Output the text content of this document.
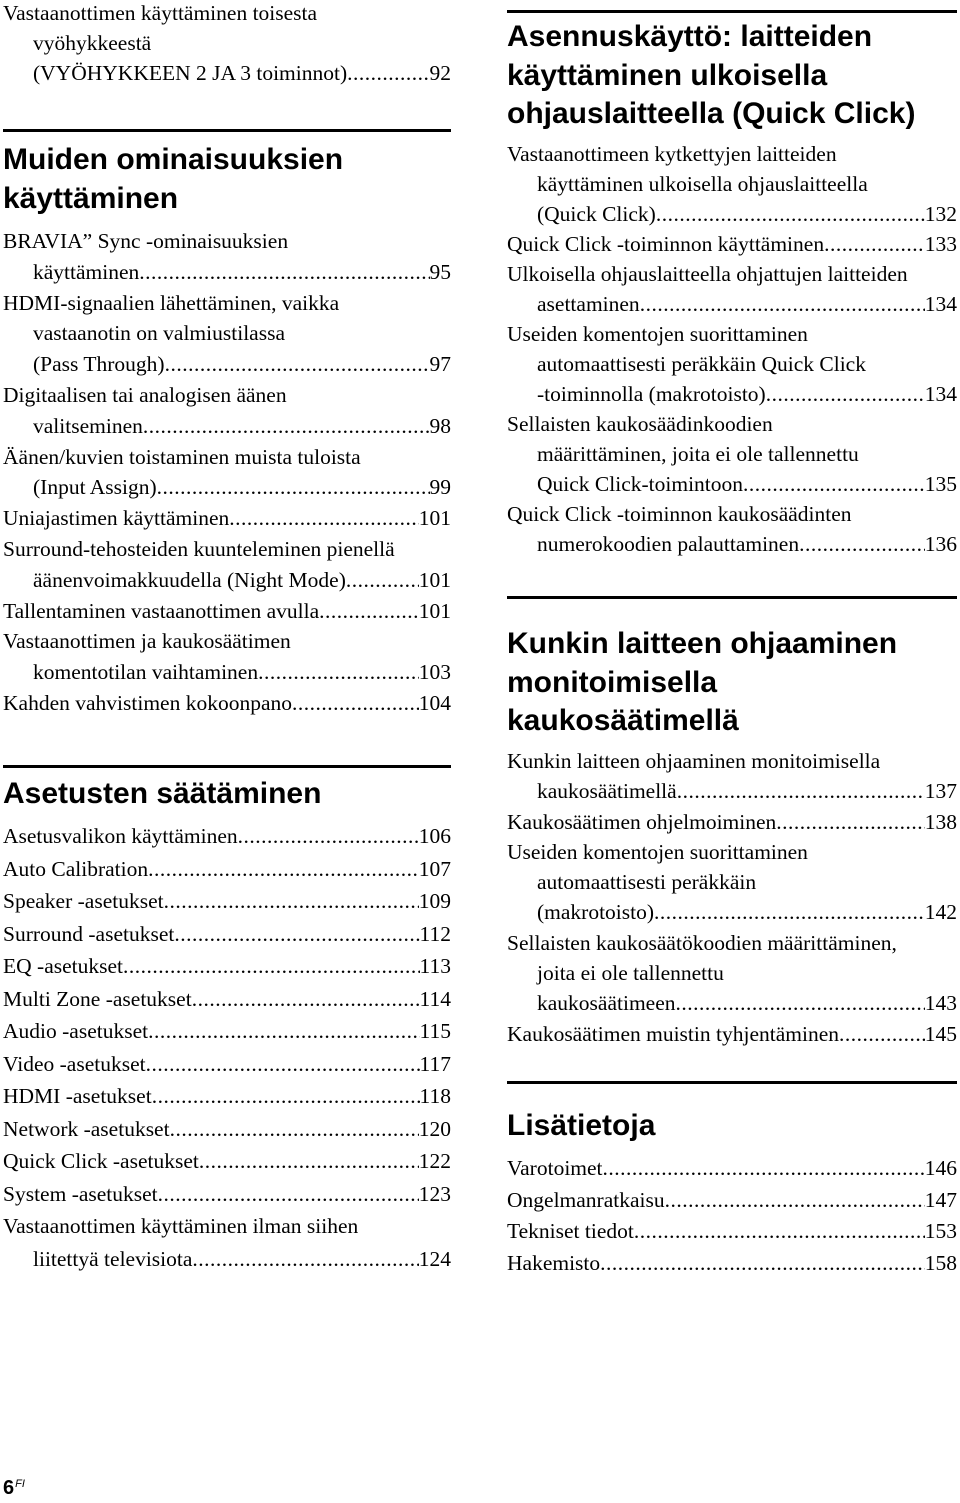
Vastaanottimen käyttäminen toisesta
vyöhykkeestä
(VYÖHYKKEEN 2 JA 3 toiminnot) .....	92
Muiden ominaisuuksien
käyttäminen
BRAVIA” Sync -ominaisuuksien
käyttäminen .....	95
HDMI-signaalien lähettäminen, vaikka
vastaanotin on valmiustilassa
(Pass Through) .....	97
Digitaalisen tai analogisen äänen
valitseminen .....	98
Äänen/kuvien toistaminen muista tuloista
(Input Assign) .....	99
Uniajastimen käyttäminen .....	101
Surround-tehosteiden kuunteleminen pienellä
äänenvoimakkuudella (Night Mode) .....	101
Tallentaminen vastaanottimen avulla .....	101
Vastaanottimen ja kaukosäätimen
komentotilan vaihtaminen .....	103
Kahden vahvistimen kokoonpano .....	104
Asetusten säätäminen
Asetusvalikon käyttäminen .....	106
Auto Calibration .....	107
Speaker -asetukset .....	109
Surround -asetukset .....	112
EQ -asetukset .....	113
Multi Zone -asetukset .....	114
Audio -asetukset .....	115
Video -asetukset .....	117
HDMI -asetukset .....	118
Network -asetukset .....	120
Quick Click -asetukset .....	122
System -asetukset .....	123
Vastaanottimen käyttäminen ilman siihen
liitettyä televisiota .....	124
Asennuskäyttö: laitteiden
käyttäminen ulkoisella
ohjauslaitteella (Quick Click)
Vastaanottimeen kytkettyjen laitteiden
käyttäminen ulkoisella ohjauslaitteella
(Quick Click) .....	132
Quick Click -toiminnon käyttäminen .....	133
Ulkoisella ohjauslaitteella ohjattujen laitteiden
asettaminen .....	134
Useiden komentojen suorittaminen
automaattisesti peräkkäin Quick Click
-toiminnolla (makrotoisto) .....	134
Sellaisten kaukosäädinkoodien
määrittäminen, joita ei ole tallennettu
Quick Click-toimintoon .....	135
Quick Click -toiminnon kaukosäädinten
numerokoodien palauttaminen .....	136
Kunkin laitteen ohjaaminen
monitoimisella
kaukosäätimellä
Kunkin laitteen ohjaaminen monitoimisella
kaukosäätimellä .....	137
Kaukosäätimen ohjelmoiminen .....	138
Useiden komentojen suorittaminen
automaattisesti peräkkäin
(makrotoisto) .....	142
Sellaisten kaukosäätökoodien määrittäminen,
joita ei ole tallennettu
kaukosäätimeen .....	143
Kaukosäätimen muistin tyhjentäminen .....	145
Lisätietoja
Varotoimet .....	146
Ongelmanratkaisu .....	147
Tekniset tiedot .....	153
Hakemisto .....	158
$6^{FI}$
